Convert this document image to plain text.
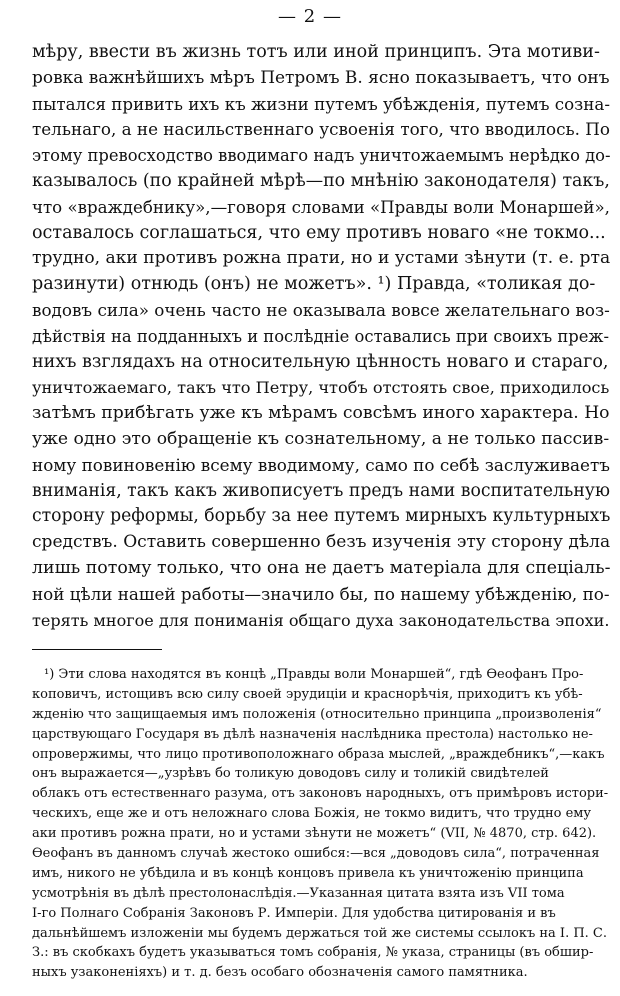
— 2 —
мѣру, ввести въ жизнь тотъ или иной принципъ. Эта мотиви-
ровка важнѣйшихъ мѣръ Петромъ В. ясно показываетъ, что онъ
пытался привить ихъ къ жизни путемъ убѣжденія, путемъ созна-
тельнаго, а не насильственнаго усвоенія того, что вводилось. По
этому превосходство вводимаго надъ уничтожаемымъ нерѣдко до-
казывалось (по крайней мѣрѣ—по мнѣнію законодателя) такъ,
что «враждебнику»,—говоря словами «Правды воли Монаршей»,
оставалось соглашаться, что ему противъ новаго «не токмо...
трудно, аки противъ рожна прати, но и устами зѣнути (т. е. рта
разинути) отнюдь (онъ) не можетъ». ¹) Правда, «толикая до-
водовъ сила» очень часто не оказывала вовсе желательнаго воз-
дѣйствія на подданныхъ и послѣдніе оставались при своихъ преж-
нихъ взглядахъ на относительную цѣнность новаго и стараго,
уничтожаемаго, такъ что Петру, чтобъ отстоять свое, приходилось
затѣмъ прибѣгать уже къ мѣрамъ совсѣмъ иного характера. Но
уже одно это обращеніе къ сознательному, а не только пассив-
ному повиновенію всему вводимому, само по себѣ заслуживаетъ
вниманія, такъ какъ живописуетъ предъ нами воспитательную
сторону реформы, борьбу за нее путемъ мирныхъ культурныхъ
средствъ. Оставить совершенно безъ изученія эту сторону дѣла
лишь потому только, что она не даетъ матеріала для спеціаль-
ной цѣли нашей работы—значило бы, по нашему убѣжденію, по-
терять многое для пониманія общаго духа законодательства эпохи.
¹) Эти слова находятся въ концѣ „Правды воли Монаршей“, гдѣ Ѳеофанъ Про-
коповичъ, истощивъ всю силу своей эрудиціи и краснорѣчія, приходитъ къ убѣ-
жденію что защищаемыя имъ положенія (относительно принципа „произволенія“
царствующаго Государя въ дѣлѣ назначенія наслѣдника престола) настолько не-
опровержимы, что лицо противоположнаго образа мыслей, „враждебникъ“,—какъ
онъ выражается—„узрѣвъ бо толикую доводовъ силу и толикій свидѣтелей
облакъ отъ естественнаго разума, отъ законовъ народныхъ, отъ примѣровъ истори-
ческихъ, еще же и отъ неложнаго слова Божія, не токмо видитъ, что трудно ему
аки противъ рожна прати, но и устами зѣнути не можетъ“ (VII, № 4870, стр. 642).
Ѳеофанъ въ данномъ случаѣ жестоко ошибся:—вся „доводовъ сила“, потраченная
имъ, никого не убѣдила и въ концѣ концовъ привела къ уничтоженію принципа
усмотрѣнія въ дѣлѣ престолонаслѣдія.—Указанная цитата взята изъ VII тома
I-го Полнаго Собранія Законовъ Р. Имперіи. Для удобства цитированія и въ
дальнѣйшемъ изложеніи мы будемъ держаться той же системы ссылокъ на I. П. С.
З.: въ скобкахъ будетъ указываться томъ собранія, № указа, страницы (въ обшир-
ныхъ узаконеніяхъ) и т. д. безъ особаго обозначенія самого памятника.
